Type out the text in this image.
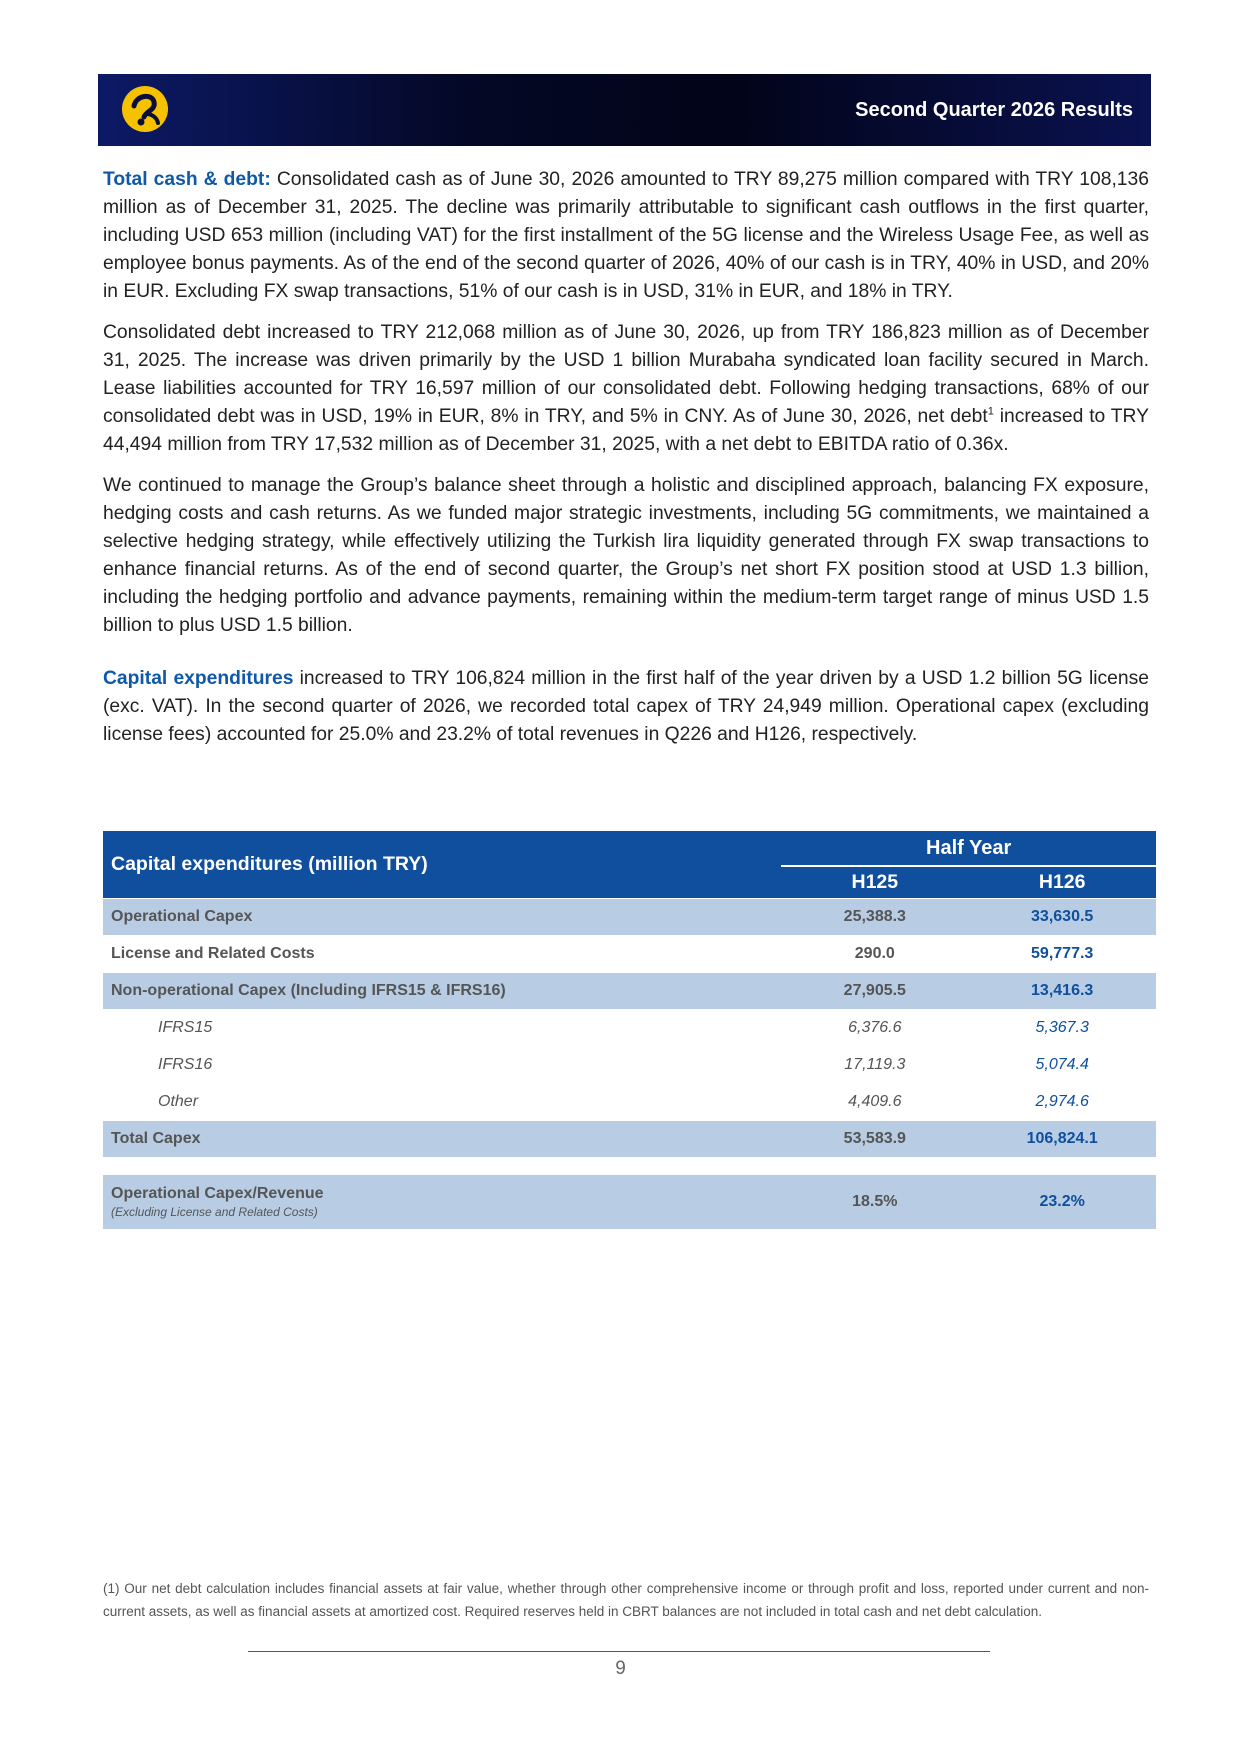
Second Quarter 2026 Results

Total cash & debt: Consolidated cash as of June 30, 2026 amounted to TRY 89,275 million compared with TRY 108,136 million as of December 31, 2025. The decline was primarily attributable to significant cash outflows in the first quarter, including USD 653 million (including VAT) for the first installment of the 5G license and the Wireless Usage Fee, as well as employee bonus payments. As of the end of the second quarter of 2026, 40% of our cash is in TRY, 40% in USD, and 20% in EUR. Excluding FX swap transactions, 51% of our cash is in USD, 31% in EUR, and 18% in TRY.

Consolidated debt increased to TRY 212,068 million as of June 30, 2026, up from TRY 186,823 million as of December 31, 2025. The increase was driven primarily by the USD 1 billion Murabaha syndicated loan facility secured in March. Lease liabilities accounted for TRY 16,597 million of our consolidated debt. Following hedging transactions, 68% of our consolidated debt was in USD, 19% in EUR, 8% in TRY, and 5% in CNY. As of June 30, 2026, net debt$^1$ increased to TRY 44,494 million from TRY 17,532 million as of December 31, 2025, with a net debt to EBITDA ratio of 0.36x.

We continued to manage the Group’s balance sheet through a holistic and disciplined approach, balancing FX exposure, hedging costs and cash returns. As we funded major strategic investments, including 5G commitments, we maintained a selective hedging strategy, while effectively utilizing the Turkish lira liquidity generated through FX swap transactions to enhance financial returns. As of the end of second quarter, the Group’s net short FX position stood at USD 1.3 billion, including the hedging portfolio and advance payments, remaining within the medium-term target range of minus USD 1.5 billion to plus USD 1.5 billion.

Capital expenditures increased to TRY 106,824 million in the first half of the year driven by a USD 1.2 billion 5G license (exc. VAT). In the second quarter of 2026, we recorded total capex of TRY 24,949 million. Operational capex (excluding license fees) accounted for 25.0% and 23.2% of total revenues in Q226 and H126, respectively.

Capital expenditures (million TRY)	Half Year	
	H125	H126
Operational Capex	25,388.3	33,630.5
License and Related Costs	290.0	59,777.3
Non-operational Capex (Including IFRS15 & IFRS16)	27,905.5	13,416.3
IFRS15	6,376.6	5,367.3
IFRS16	17,119.3	5,074.4
Other	4,409.6	2,974.6
Total Capex	53,583.9	106,824.1

Operational Capex/Revenue
(Excluding License and Related Costs)	18.5%	23.2%
(1) Our net debt calculation includes financial assets at fair value, whether through other comprehensive income or through profit and loss, reported under current and non-current assets, as well as financial assets at amortized cost. Required reserves held in CBRT balances are not included in total cash and net debt calculation.
9
